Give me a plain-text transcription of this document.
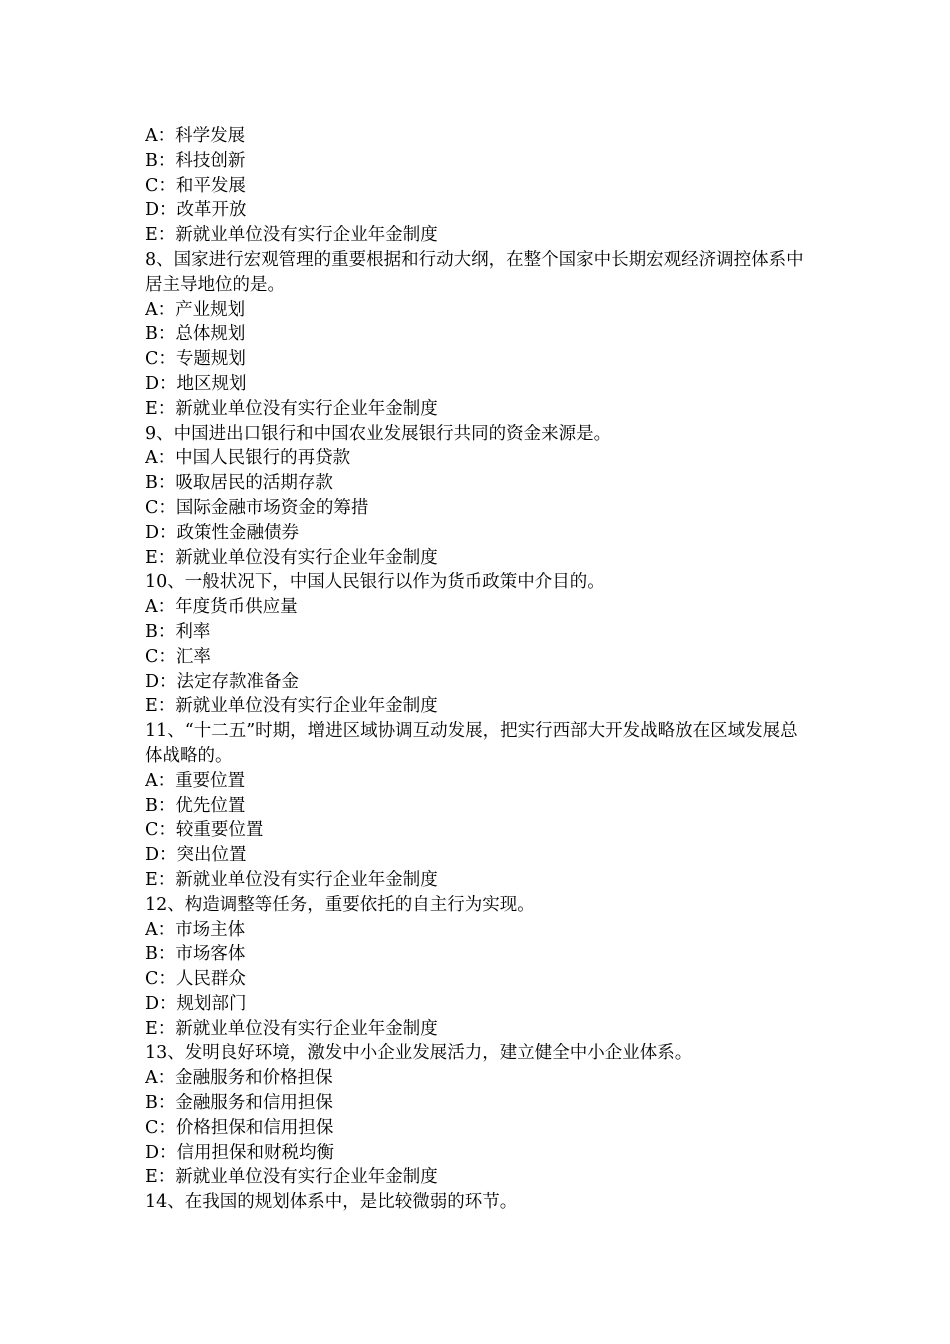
A：科学发展
B：科技创新
C：和平发展
D：改革开放
E：新就业单位没有实行企业年金制度
8、国家进行宏观管理的重要根据和行动大纲，在整个国家中长期宏观经济调控体系中居主导地位的是。
A：产业规划
B：总体规划
C：专题规划
D：地区规划
E：新就业单位没有实行企业年金制度
9、中国进出口银行和中国农业发展银行共同的资金来源是。
A：中国人民银行的再贷款
B：吸取居民的活期存款
C：国际金融市场资金的筹措
D：政策性金融债券
E：新就业单位没有实行企业年金制度
10、一般状况下，中国人民银行以作为货币政策中介目的。
A：年度货币供应量
B：利率
C：汇率
D：法定存款准备金
E：新就业单位没有实行企业年金制度
11、“十二五”时期，增进区域协调互动发展，把实行西部大开发战略放在区域发展总体战略的。
A：重要位置
B：优先位置
C：较重要位置
D：突出位置
E：新就业单位没有实行企业年金制度
12、构造调整等任务，重要依托的自主行为实现。
A：市场主体
B：市场客体
C：人民群众
D：规划部门
E：新就业单位没有实行企业年金制度
13、发明良好环境，激发中小企业发展活力，建立健全中小企业体系。
A：金融服务和价格担保
B：金融服务和信用担保
C：价格担保和信用担保
D：信用担保和财税均衡
E：新就业单位没有实行企业年金制度
14、在我国的规划体系中，是比较微弱的环节。
